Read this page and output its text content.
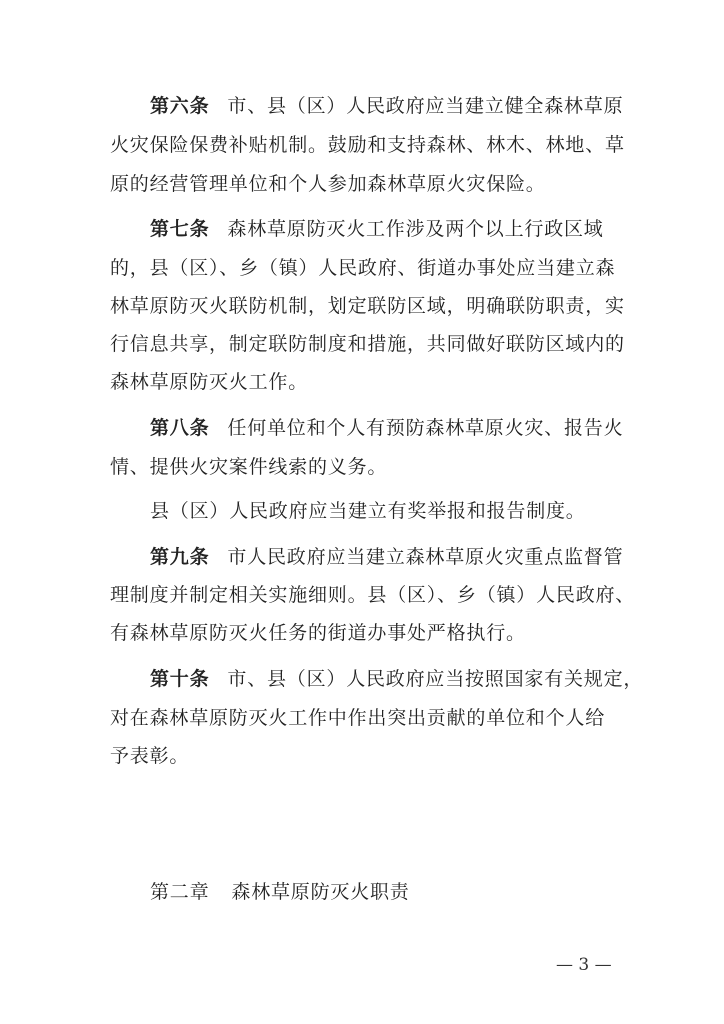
第六条 市、县（区）人民政府应当建立健全森林草原
火灾保险保费补贴机制。鼓励和支持森林、林木、林地、草
原的经营管理单位和个人参加森林草原火灾保险。
第七条 森林草原防灭火工作涉及两个以上行政区域
的，县（区）、乡（镇）人民政府、街道办事处应当建立森
林草原防灭火联防机制，划定联防区域，明确联防职责，实
行信息共享，制定联防制度和措施，共同做好联防区域内的
森林草原防灭火工作。
第八条 任何单位和个人有预防森林草原火灾、报告火
情、提供火灾案件线索的义务。
县（区）人民政府应当建立有奖举报和报告制度。
第九条 市人民政府应当建立森林草原火灾重点监督管
理制度并制定相关实施细则。县（区）、乡（镇）人民政府、
有森林草原防灭火任务的街道办事处严格执行。
第十条 市、县（区）人民政府应当按照国家有关规定，
对在森林草原防灭火工作中作出突出贡献的单位和个人给
予表彰。
第二章 森林草原防灭火职责
— 3 —
